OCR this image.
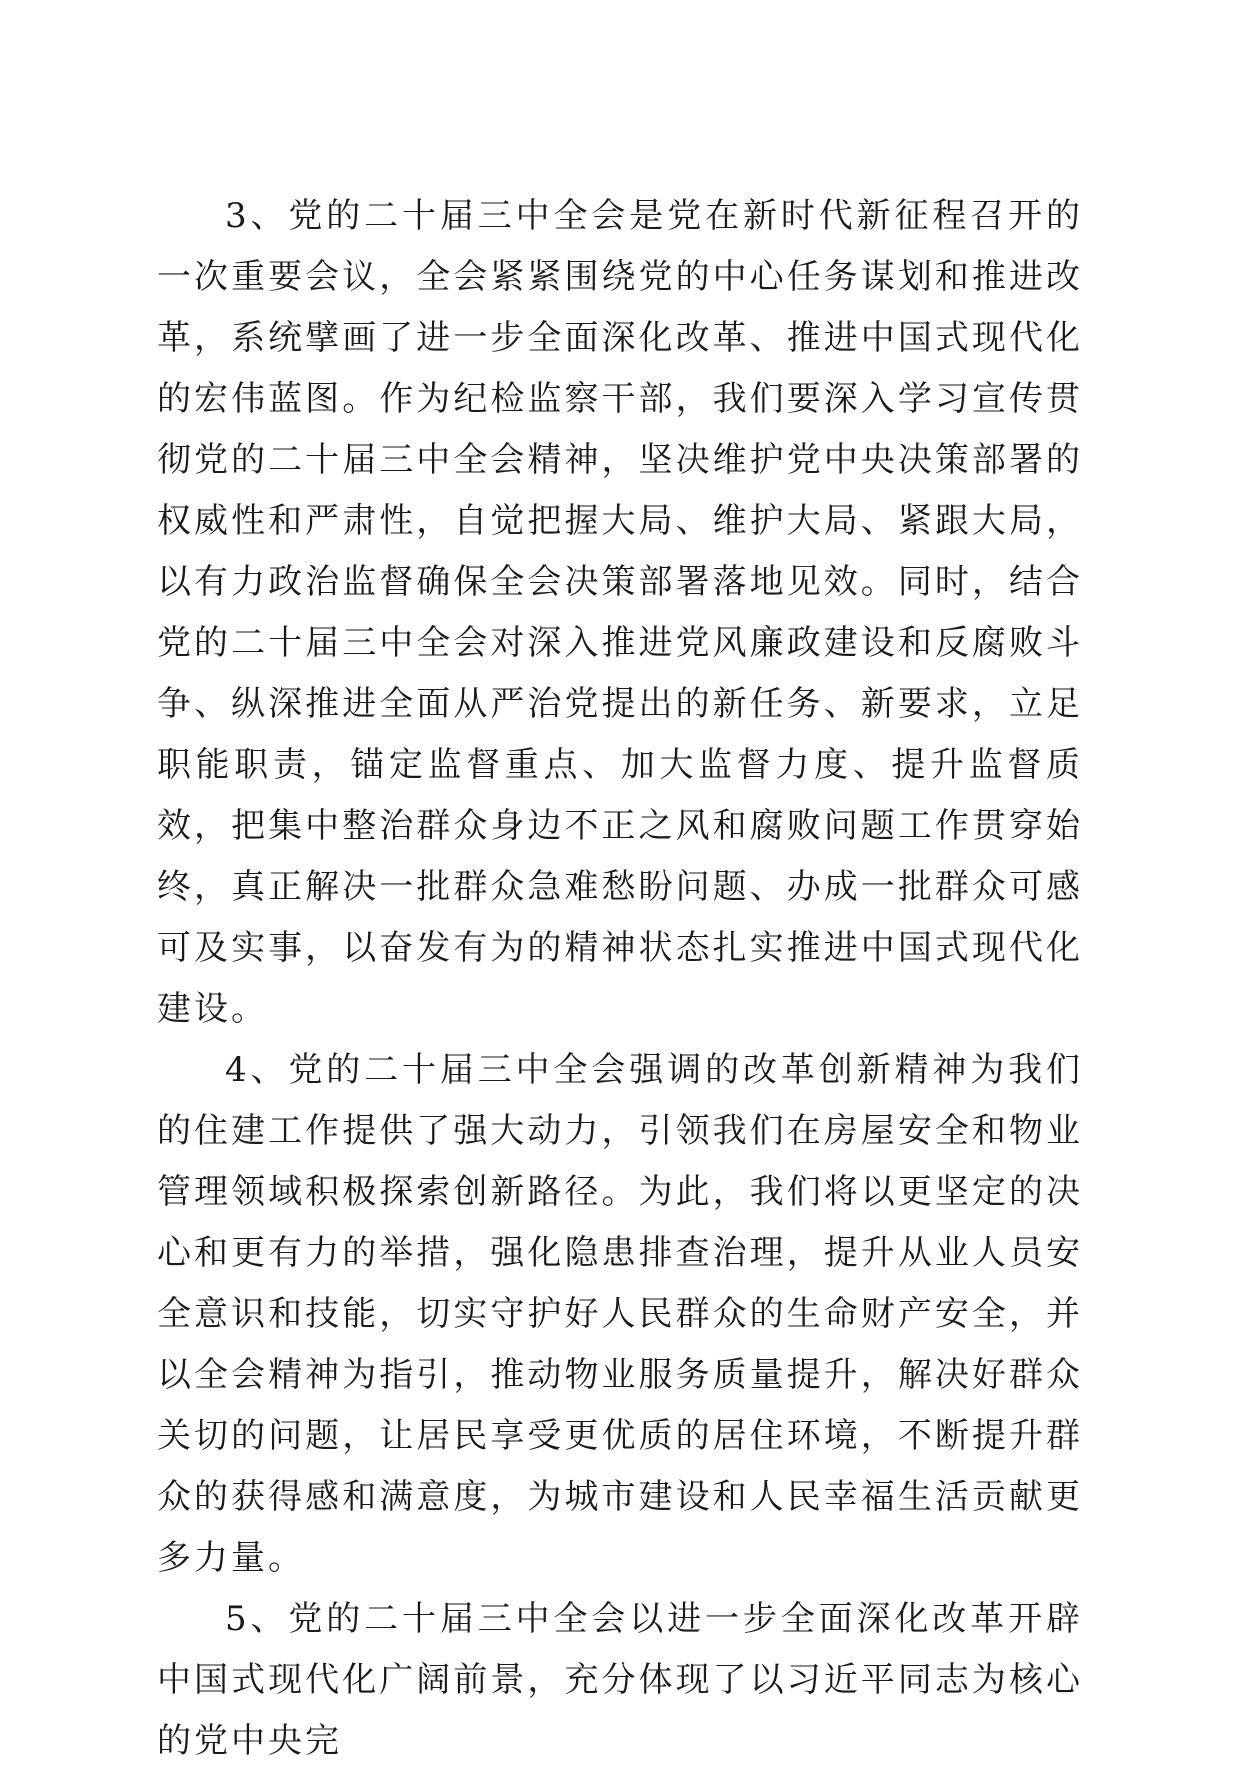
3、党的二十届三中全会是党在新时代新征程召开的一次重要会议，全会紧紧围绕党的中心任务谋划和推进改革，系统擘画了进一步全面深化改革、推进中国式现代化的宏伟蓝图。作为纪检监察干部，我们要深入学习宣传贯彻党的二十届三中全会精神，坚决维护党中央决策部署的权威性和严肃性，自觉把握大局、维护大局、紧跟大局，以有力政治监督确保全会决策部署落地见效。同时，结合党的二十届三中全会对深入推进党风廉政建设和反腐败斗争、纵深推进全面从严治党提出的新任务、新要求，立足职能职责，锚定监督重点、加大监督力度、提升监督质效，把集中整治群众身边不正之风和腐败问题工作贯穿始终，真正解决一批群众急难愁盼问题、办成一批群众可感可及实事，以奋发有为的精神状态扎实推进中国式现代化建设。

4、党的二十届三中全会强调的改革创新精神为我们的住建工作提供了强大动力，引领我们在房屋安全和物业管理领域积极探索创新路径。为此，我们将以更坚定的决心和更有力的举措，强化隐患排查治理，提升从业人员安全意识和技能，切实守护好人民群众的生命财产安全，并以全会精神为指引，推动物业服务质量提升，解决好群众关切的问题，让居民享受更优质的居住环境，不断提升群众的获得感和满意度，为城市建设和人民幸福生活贡献更多力量。

5、党的二十届三中全会以进一步全面深化改革开辟中国式现代化广阔前景，充分体现了以习近平同志为核心的党中央完
